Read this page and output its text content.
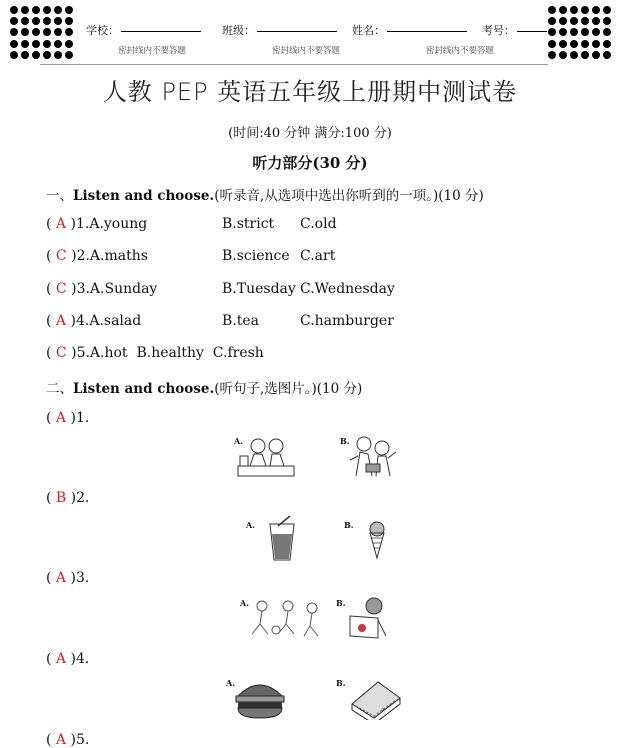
学校：	班级：	姓名：	考号：
密封线内不要答题	密封线内不要答题	密封线内不要答题
人教 PEP 英语五年级上册期中测试卷
(时间:40 分钟 满分:100 分)
听力部分(30 分)
一、Listen and choose.(听录音,从选项中选出你听到的一项。)(10 分)
( A )1.A.young	B.strict C.old
( C )2.A.maths	B.science C.art
( C )3.A.Sunday	B.Tuesday C.Wednesday
( A )4.A.salad	B.tea	C.hamburger
( C )5.A.hot B.healthy C.fresh
二、Listen and choose.(听句子,选图片。)(10 分)
( A )1.
A.	B.
( B )2.
A.	B.
( A )3.
A.	B.
( A )4.
A.	B.
( A )5.
